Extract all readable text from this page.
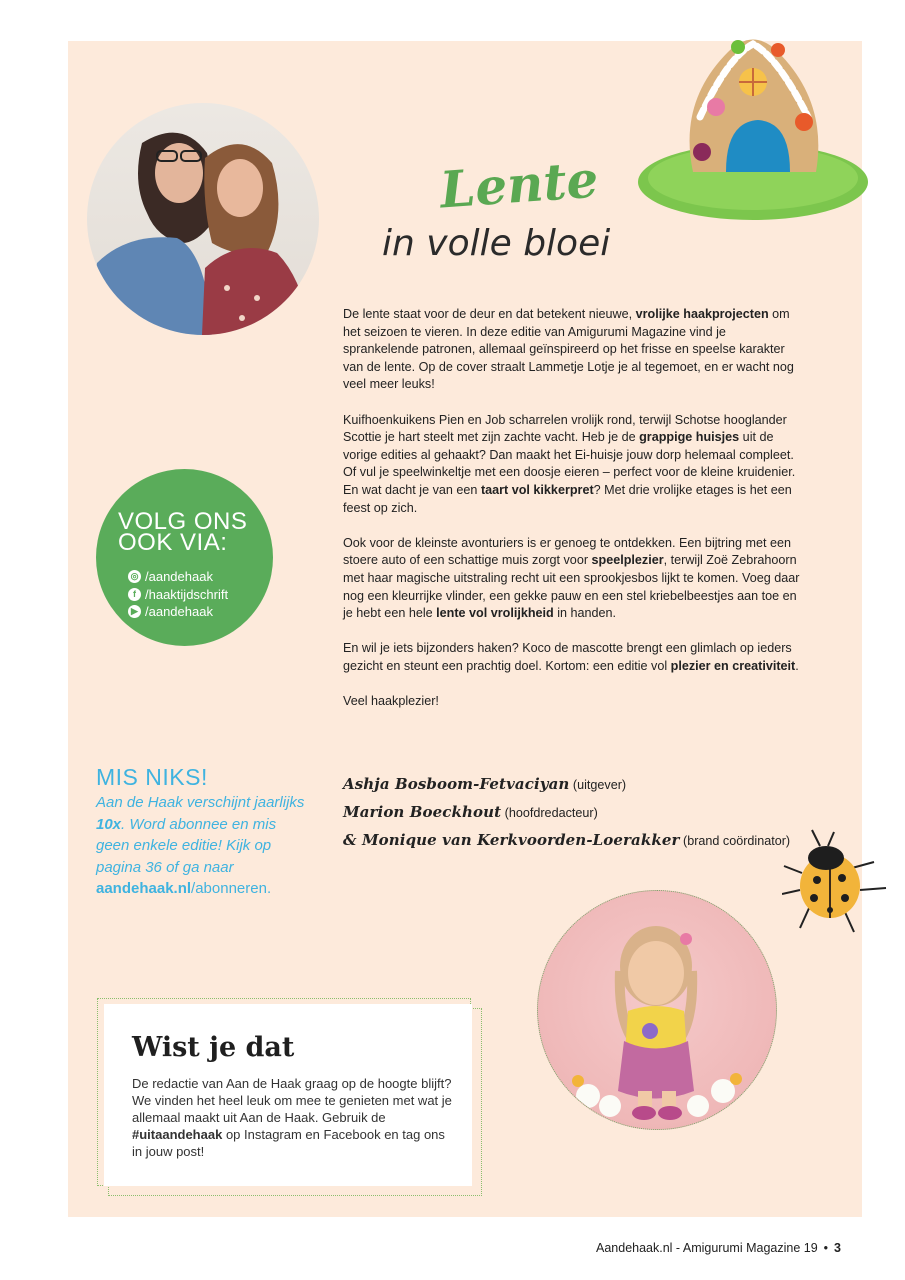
Lente
in volle bloei

De lente staat voor de deur en dat betekent nieuwe, vrolijke haakprojecten om het seizoen te vieren. In deze editie van Amigurumi Magazine vind je sprankelende patronen, allemaal geïnspireerd op het frisse en speelse karakter van de lente. Op de cover straalt Lammetje Lotje je al tegemoet, en er wacht nog veel meer leuks!

Kuifhoenkuikens Pien en Job scharrelen vrolijk rond, terwijl Schotse hooglander Scottie je hart steelt met zijn zachte vacht. Heb je de grappige huisjes uit de vorige edities al gehaakt? Dan maakt het Ei-huisje jouw dorp helemaal compleet. Of vul je speelwinkeltje met een doosje eieren – perfect voor de kleine kruidenier. En wat dacht je van een taart vol kikkerpret? Met drie vrolijke etages is het een feest op zich.

Ook voor de kleinste avonturiers is er genoeg te ontdekken. Een bijtring met een stoere auto of een schattige muis zorgt voor speelplezier, terwijl Zoë Zebrahoorn met haar magische uitstraling recht uit een sprookjesbos lijkt te komen. Voeg daar nog een kleurrijke vlinder, een gekke pauw en een stel kriebelbeestjes aan toe en je hebt een hele lente vol vrolijkheid in handen.

En wil je iets bijzonders haken? Koco de mascotte brengt een glimlach op ieders gezicht en steunt een prachtig doel. Kortom: een editie vol plezier en creativiteit.

Veel haakplezier!

Ashja Bosboom-Fetvaciyan (uitgever)
Marion Boeckhout (hoofdredacteur)
& Monique van Kerkvoorden-Loerakker (brand coördinator)
VOLG ONS
OOK VIA:
◎ /aandehaak
f /haaktijdschrift
▶ /aandehaak
MIS NIKS!
Aan de Haak verschijnt jaarlijks 10x. Word abonnee en mis geen enkele editie! Kijk op pagina 36 of ga naar aandehaak.nl/abonneren.
Wist je dat
De redactie van Aan de Haak graag op de hoogte blijft? We vinden het heel leuk om mee te genieten met wat je allemaal maakt uit Aan de Haak. Gebruik de #uitaandehaak op Instagram en Facebook en tag ons in jouw post!
Aandehaak.nl - Amigurumi Magazine 19 • 3
